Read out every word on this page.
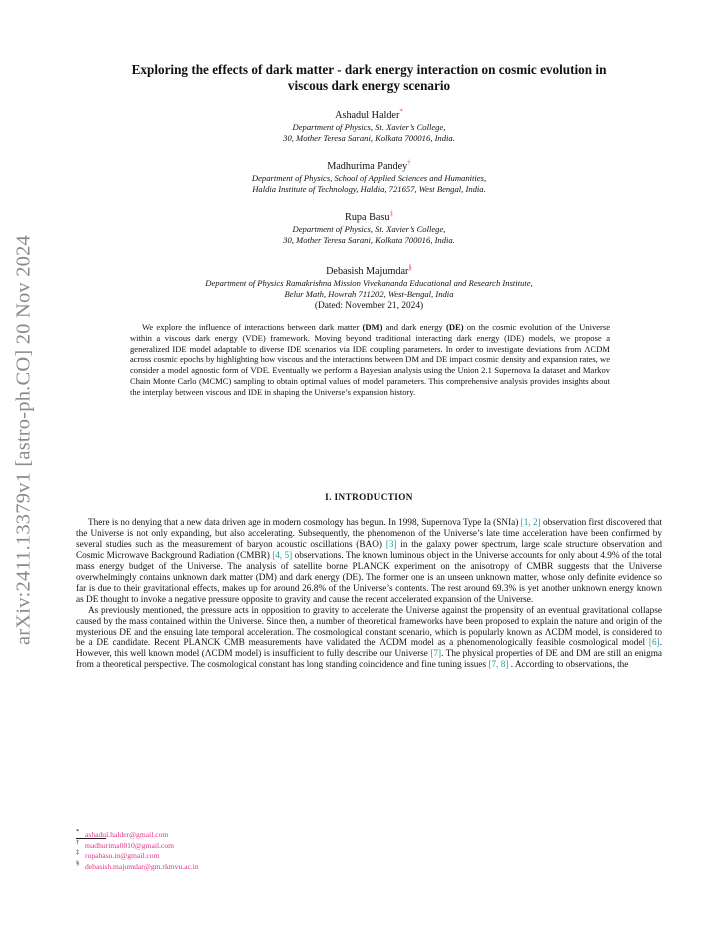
arXiv:2411.13379v1 [astro-ph.CO] 20 Nov 2024
Exploring the effects of dark matter - dark energy interaction on cosmic evolution in
viscous dark energy scenario
Ashadul Halder*
Department of Physics, St. Xavier’s College,
30, Mother Teresa Sarani, Kolkata 700016, India.
Madhurima Pandey†
Department of Physics, School of Applied Sciences and Humanities,
Haldia Institute of Technology, Haldia, 721657, West Bengal, India.
Rupa Basu‡
Department of Physics, St. Xavier’s College,
30, Mother Teresa Sarani, Kolkata 700016, India.
Debasish Majumdar§
Department of Physics Ramakrishna Mission Vivekananda Educational and Research Institute,
Belur Math, Howrah 711202, West-Bengal, India
(Dated: November 21, 2024)
We explore the influence of interactions between dark matter (DM) and dark energy (DE) on the cosmic evolution of the Universe within a viscous dark energy (VDE) framework. Moving beyond traditional interacting dark energy (IDE) models, we propose a generalized IDE model adaptable to diverse IDE scenarios via IDE coupling parameters. In order to investigate deviations from ΛCDM across cosmic epochs by highlighting how viscous and the interactions between DM and DE impact cosmic density and expansion rates, we consider a model agnostic form of VDE. Eventually we perform a Bayesian analysis using the Union 2.1 Supernova Ia dataset and Markov Chain Monte Carlo (MCMC) sampling to obtain optimal values of model parameters. This comprehensive analysis provides insights about the interplay between viscous and IDE in shaping the Universe’s expansion history.
I. INTRODUCTION

There is no denying that a new data driven age in modern cosmology has begun. In 1998, Supernova Type Ia (SNIa) [1, 2] observation first discovered that the Universe is not only expanding, but also accelerating. Subsequently, the phenomenon of the Universe’s late time acceleration have been confirmed by several studies such as the measurement of baryon acoustic oscillations (BAO) [3] in the galaxy power spectrum, large scale structure observation and Cosmic Microwave Background Radiation (CMBR) [4, 5] observations. The known luminous object in the Universe accounts for only about 4.9% of the total mass energy budget of the Universe. The analysis of satellite borne PLANCK experiment on the anisotropy of CMBR suggests that the Universe overwhelmingly contains unknown dark matter (DM) and dark energy (DE). The former one is an unseen unknown matter, whose only definite evidence so far is due to their gravitational effects, makes up for around 26.8% of the Universe’s contents. The rest around 69.3% is yet another unknown energy known as DE thought to invoke a negative pressure opposite to gravity and cause the recent accelerated expansion of the Universe.

As previously mentioned, the pressure acts in opposition to gravity to accelerate the Universe against the propensity of an eventual gravitational collapse caused by the mass contained within the Universe. Since then, a number of theoretical frameworks have been proposed to explain the nature and origin of the mysterious DE and the ensuing late temporal acceleration. The cosmological constant scenario, which is popularly known as ΛCDM model, is considered to be a DE candidate. Recent PLANCK CMB measurements have validated the ΛCDM model as a phenomenologically feasible cosmological model [6]. However, this well known model (ΛCDM model) is insufficient to fully describe our Universe [7]. The physical properties of DE and DM are still an enigma from a theoretical perspective. The cosmological constant has long standing coincidence and fine tuning issues [7, 8] . According to observations, the

* ashadul.halder@gmail.com
† madhurima0810@gmail.com
‡ rupabasu.in@gmail.com
§ debasish.majumdar@gm.rkmvu.ac.in
